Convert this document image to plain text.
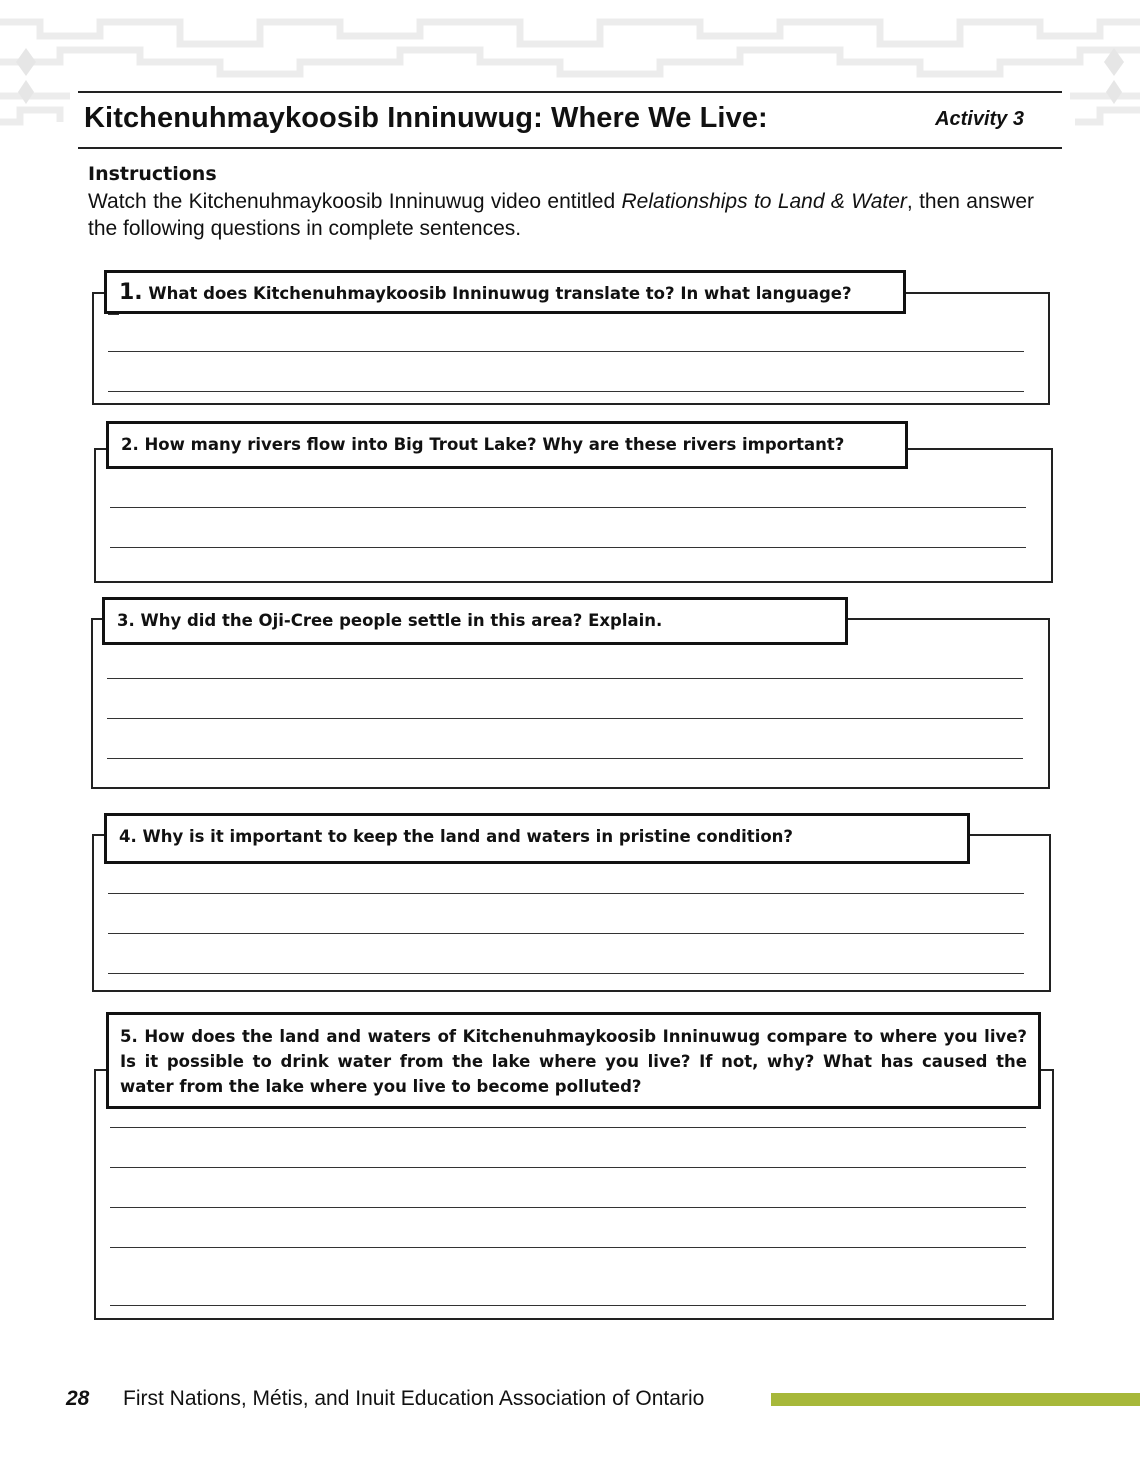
Kitchenuhmaykoosib Inninuwug: Where We Live:	Activity 3
Instructions
Watch the Kitchenuhmaykoosib Inninuwug video entitled Relationships to Land & Water, then answer the following questions in complete sentences.
1. What does Kitchenuhmaykoosib Inninuwug translate to? In what language?
2. How many rivers flow into Big Trout Lake? Why are these rivers important?
3. Why did the Oji-Cree people settle in this area? Explain.
4. Why is it important to keep the land and waters in pristine condition?
5. How does the land and waters of Kitchenuhmaykoosib Inninuwug compare to where you live? Is it possible to drink water from the lake where you live? If not, why? What has caused the water from the lake where you live to become polluted?
28 First Nations, Métis, and Inuit Education Association of Ontario
